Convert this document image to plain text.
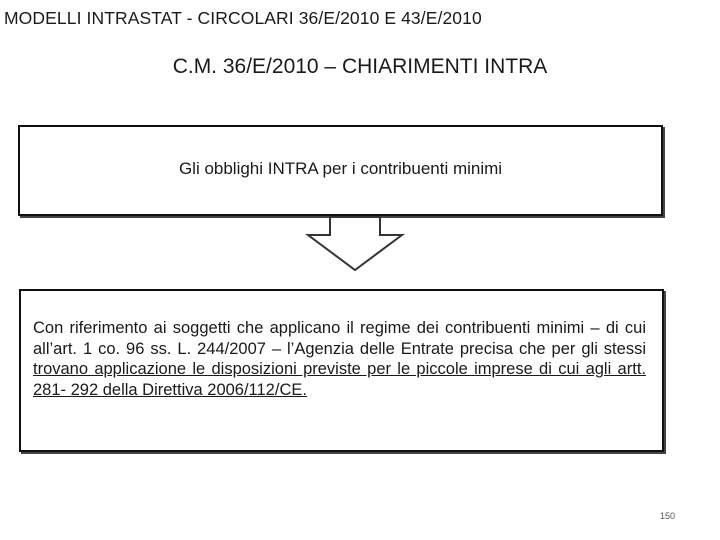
MODELLI INTRASTAT - CIRCOLARI 36/E/2010 E 43/E/2010
C.M. 36/E/2010 – CHIARIMENTI INTRA
Gli obblighi INTRA per i contribuenti minimi

Con riferimento ai soggetti che applicano il regime dei contribuenti minimi – di cui all’art. 1 co. 96 ss. L. 244/2007 – l’Agenzia delle Entrate precisa che per gli stessi trovano applicazione le disposizioni previste per le piccole imprese di cui agli artt. 281- 292 della Direttiva 2006/112/CE.

150
